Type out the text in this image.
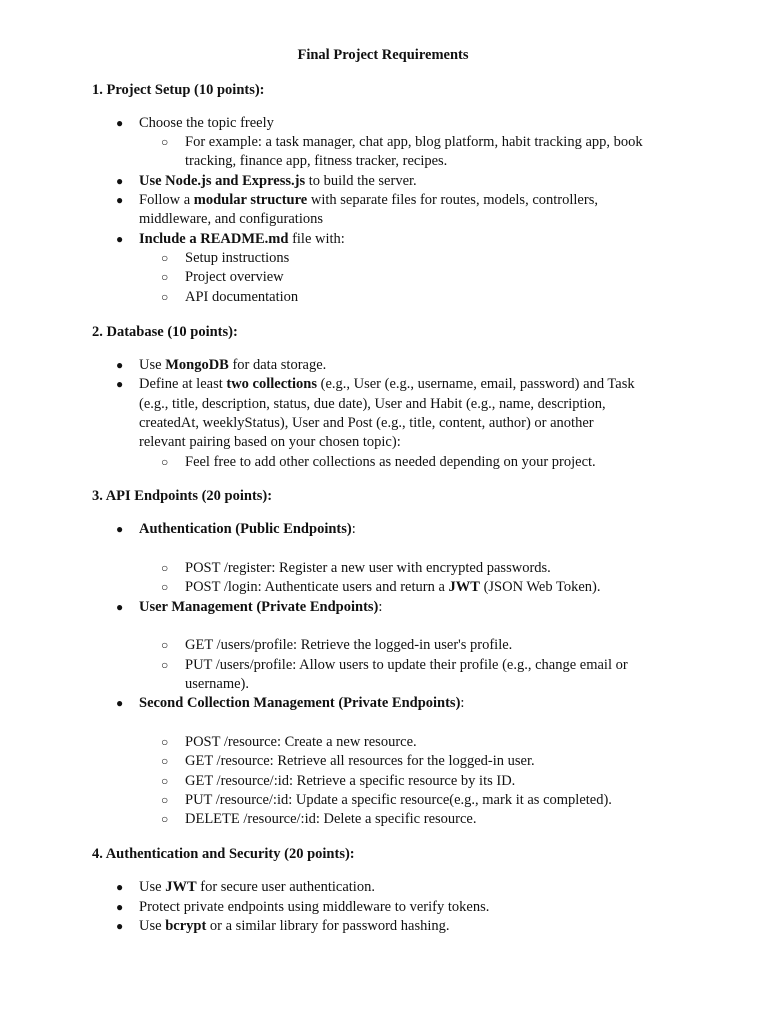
Final Project Requirements
1. Project Setup (10 points):
● Choose the topic freely
○	For example: a task manager, chat app, blog platform, habit tracking app, book
tracking, finance app, fitness tracker, recipes.
● Use Node.js and Express.js to build the server.
● Follow a modular structure with separate files for routes, models, controllers,
middleware, and configurations
● Include a README.md file with:
○	Setup instructions
○	Project overview
○	API documentation
2. Database (10 points):
● Use MongoDB for data storage.
● Define at least two collections (e.g., User (e.g., username, email, password) and Task
(e.g., title, description, status, due date), User and Habit (e.g., name, description,
createdAt, weeklyStatus), User and Post (e.g., title, content, author) or another
relevant pairing based on your chosen topic):
○	Feel free to add other collections as needed depending on your project.
3. API Endpoints (20 points):
● Authentication (Public Endpoints):
○	POST /register: Register a new user with encrypted passwords.
○	POST /login: Authenticate users and return a JWT (JSON Web Token).
● User Management (Private Endpoints):
○	GET /users/profile: Retrieve the logged-in user's profile.
○	PUT /users/profile: Allow users to update their profile (e.g., change email or
username).
● Second Collection Management (Private Endpoints):
○	POST /resource: Create a new resource.
○	GET /resource: Retrieve all resources for the logged-in user.
○	GET /resource/:id: Retrieve a specific resource by its ID.
○	PUT /resource/:id: Update a specific resource(e.g., mark it as completed).
○	DELETE /resource/:id: Delete a specific resource.
4. Authentication and Security (20 points):
● Use JWT for secure user authentication.
● Protect private endpoints using middleware to verify tokens.
● Use bcrypt or a similar library for password hashing.
